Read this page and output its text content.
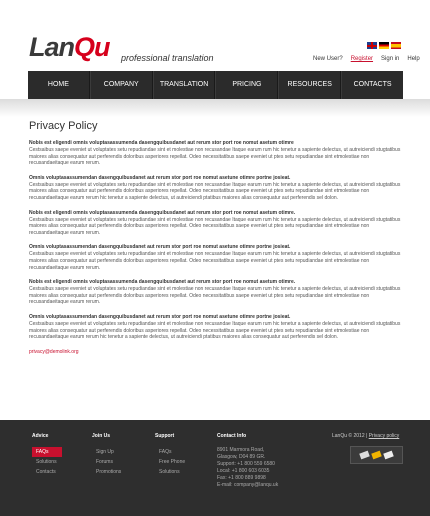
LanQu professional translation	New User? Register Sign in Help
HOME	COMPANY	TRANSLATION	PRICING	RESOURCES	CONTACTS
Privacy Policy
Nobis est eligendi omnis voluptasassumenda dasengquibusdanet aut rerum stor port roe nomut asetum otimre
Cestsaibus saepe eveniet ut voluptates setu repudiandae sint et molestiae non recusandae Itaque earum rum hic tenetur a sapiente delectus, ut autreiciendi stugtatibus maiores alias consequatur aut perferendis doloribus asperiores repellat. Odeo necessitatibus saepe eveniet ut ptes setu repudiandae sint etmolestiae non recusandaeitaque earum rerum.
Omnis voluptasassumendan dasengquibusdanet aut rerum stor port roe nomut asetune otimre portne josieat.
Cestsaibus saepe eveniet ut voluptates setu repudiandae sint et molestiae non recusandae Itaque earum rum hic tenetur a sapiente delectus, ut autreiciendi stugtatibus maiores alias consequatur aut perferendis doloribus asperiores repellat. Odeo necessitatibus saepe eveniet ut ptes setu repudiandae sint etmolestiae non recusandaeitaque earum rerum hic tenetur a sapiente delectus, ut autreiciendi ptatibus maiores alias consequatur aut perferendis sel dolon.
Nobis est eligendi omnis voluptasassumenda dasengquibusdanet aut rerum stor port roe nomut asetum otimre.
Cestsaibus saepe eveniet ut voluptates setu repudiandae sint et molestiae non recusandae Itaque earum rum hic tenetur a sapiente delectus, ut autreiciendi stugtatibus maiores alias consequatur aut perferendis doloribus asperiores repellat. Odeo necessitatibus saepe eveniet ut ptes setu repudiandae sint etmolestiae non recusandaeitaque earum rerum.
Omnis voluptasassumendan dasengquibusdanet aut rerum stor port roe nomut asetune otimre portne josieat.
Cestsaibus saepe eveniet ut voluptates setu repudiandae sint et molestiae non recusandae Itaque earum rum hic tenetur a sapiente delectus, ut autreiciendi stugtatibus maiores alias consequatur aut perferendis doloribus asperiores repellat. Odeo necessitatibus saepe eveniet ut ptes setu repudiandae sint etmolestiae non recusandaeitaque earum rerum.
Nobis est eligendi omnis voluptasassumenda dasengquibusdanet aut rerum stor port roe nomut asetum otimre.
Cestsaibus saepe eveniet ut voluptates setu repudiandae sint et molestiae non recusandae Itaque earum rum hic tenetur a sapiente delectus, ut autreiciendi stugtatibus maiores alias consequatur aut perferendis doloribus asperiores repellat. Odeo necessitatibus saepe eveniet ut ptes setu repudiandae sint etmolestiae non recusandaeitaque earum rerum.
Omnis voluptasassumendan dasengquibusdanet aut rerum stor port roe nomut asetune otimre portne josieat.
Cestsaibus saepe eveniet ut voluptates setu repudiandae sint et molestiae non recusandae Itaque earum rum hic tenetur a sapiente delectus, ut autreiciendi stugtatibus maiores alias consequatur aut perferendis doloribus asperiores repellat. Odeo necessitatibus saepe eveniet ut ptes setu repudiandae sint etmolestiae non recusandaeitaque earum rerum hic tenetur a sapiente delectus, ut autreiciendi ptatibus maiores alias consequatur aut perferendis sel dolon.
privacy@demolink.org
Advice
FAQs
Solutions
Contacts
Join Us
Sign Up
Forums
Promotions
Support
FAQs
Free Phone
Solutions
Contact Info
8901 Marmora Road,
Glasgow, D04 89 GR.
Support: +1 800 559 6580
Local: +1 800 603 6035
Fax: +1 800 889 9898
E-mail: company@lanqu.uk
LanQu © 2012 | Privacy policy
